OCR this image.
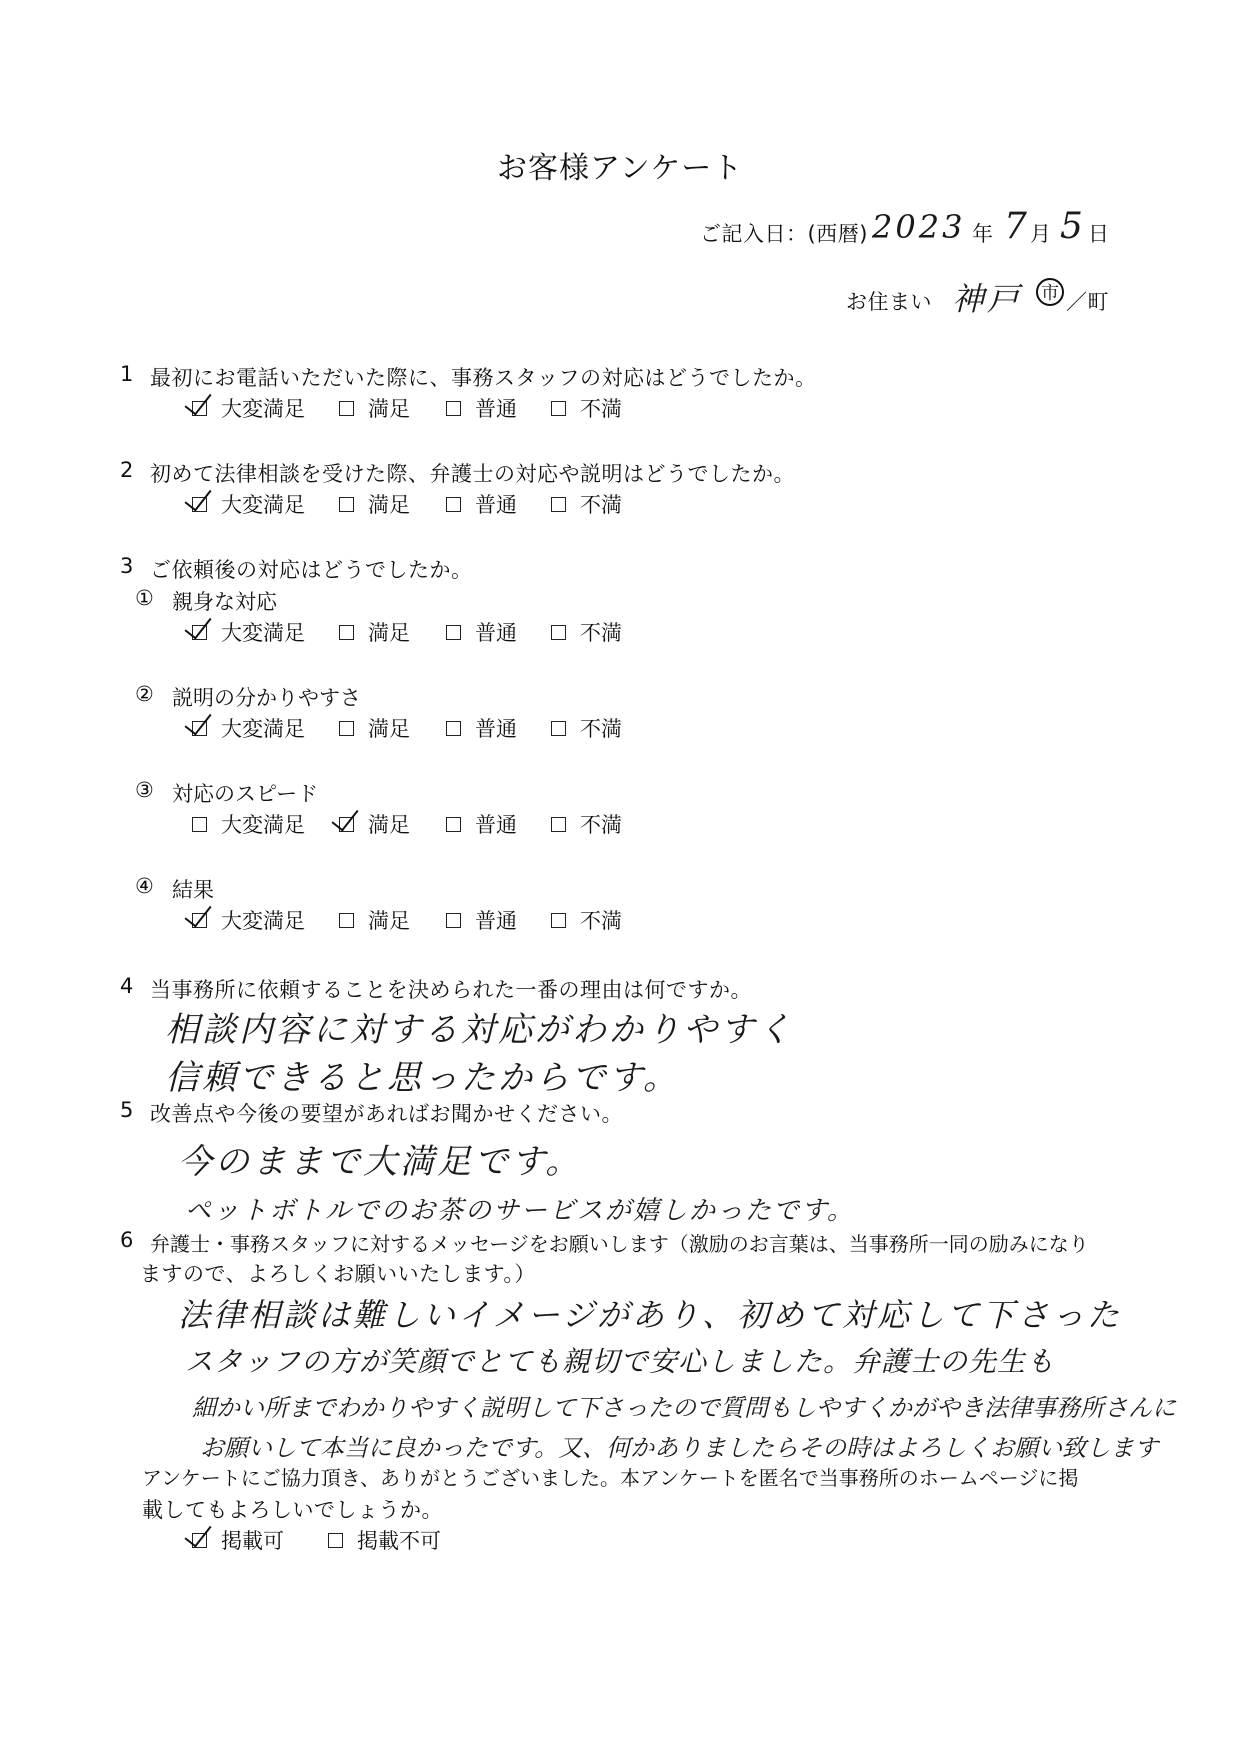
お客様アンケート
ご記入日：(西暦) 2023 年 7 月 5 日
お住まい 神戸 市 ／町
1 最初にお電話いただいた際に、事務スタッフの対応はどうでしたか。
大変満足	満足	普通	不満
2 初めて法律相談を受けた際、弁護士の対応や説明はどうでしたか。
大変満足	満足	普通	不満
3 ご依頼後の対応はどうでしたか。
① 親身な対応
大変満足	満足	普通	不満
② 説明の分かりやすさ
大変満足	満足	普通	不満
③ 対応のスピード
大変満足	満足	普通	不満
④ 結果
大変満足	満足	普通	不満
4 当事務所に依頼することを決められた一番の理由は何ですか。
相談内容に対する対応がわかりやすく
信頼できると思ったからです。
5 改善点や今後の要望があればお聞かせください。
今のままで大満足です。
ペットボトルでのお茶のサービスが嬉しかったです。
6 弁護士・事務スタッフに対するメッセージをお願いします（激励のお言葉は、当事務所一同の励みになり
ますので、よろしくお願いいたします。）
法律相談は難しいイメージがあり、初めて対応して下さった
スタッフの方が笑顔でとても親切で安心しました。弁護士の先生も
細かい所までわかりやすく説明して下さったので質問もしやすくかがやき法律事務所さんに
お願いして本当に良かったです。又、何かありましたらその時はよろしくお願い致します
アンケートにご協力頂き、ありがとうございました。本アンケートを匿名で当事務所のホームページに掲
載してもよろしいでしょうか。
掲載可	掲載不可
